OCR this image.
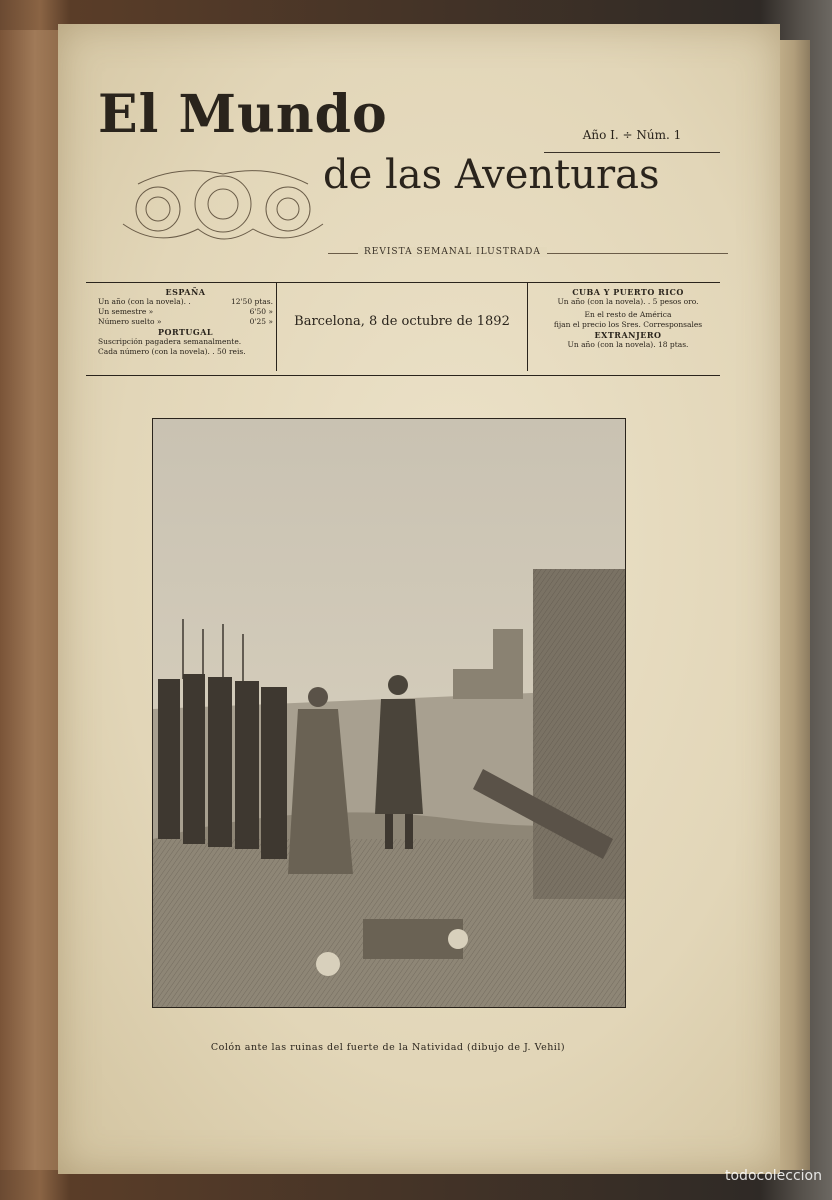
El Mundo
de las Aventuras
Año I. ÷ Núm. 1
REVISTA SEMANAL ILUSTRADA
ESPAÑA
Un año (con la novela). .	12'50 ptas.
Un semestre »	6'50 »
Número suelto »	0'25 »
PORTUGAL
Suscripción pagadera semanalmente.
Cada número (con la novela). . 50 reis.
Barcelona, 8 de octubre de 1892
CUBA Y PUERTO RICO
Un año (con la novela). . 5 pesos oro.
En el resto de América
fijan el precio los Sres. Corresponsales
EXTRANJERO
Un año (con la novela). 18 ptas.
Colón ante las ruinas del fuerte de la Natividad (dibujo de J. Vehil)
todocoleccion
